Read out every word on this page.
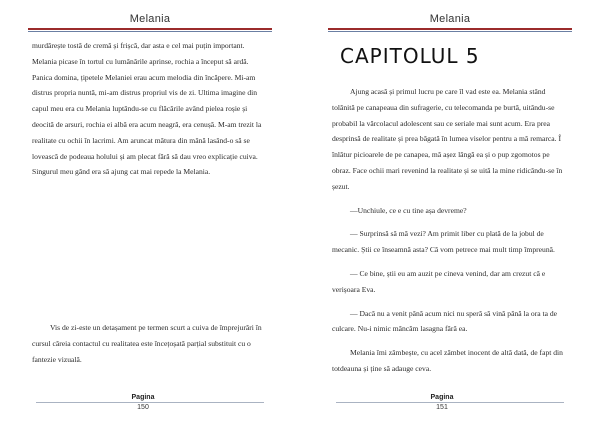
Melania

murdărește tostă de cremă și frișcă, dar asta e cel mai puțin important. Melania picase în tortul cu lumânările aprinse, rochia a început să ardă. Panica domina, țipetele Melaniei erau acum melodia din încăpere. Mi-am distrus propria nuntă, mi-am distrus propriul vis de zi. Ultima imagine din capul meu era cu Melania luptându-se cu flăcările având pielea roșie și deocită de arsuri, rochia ei albă era acum neagră, era cenușă. M-am trezit la realitate cu ochii în lacrimi. Am aruncat mătura din mână lasând-o să se lovească de podeaua holului și am plecat fără să dau vreo explicație cuiva. Singurul meu gând era să ajung cat mai repede la Melania.

Vis de zi-este un detașament pe termen scurt a cuiva de împrejurări în cursul căreia contactul cu realitatea este încețoșată parțial substituit cu o fantezie vizuală.

Pagina
150
Melania
CAPITOLUL 5

Ajung acasă și primul lucru pe care îl vad este ea. Melania stând tolănită pe canapeaua din sufragerie, cu telecomanda pe burtă, uitându-se probabil la vărcolacul adolescent sau ce seriale mai sunt acum. Era prea desprinsă de realitate și prea băgată în lumea viselor pentru a mă remarca. Î înlătur picioarele de pe canapea, mă așez lângă ea și o pup zgomotos pe obraz. Face ochii mari revenind la realitate și se uită la mine ridicându-se în șezut.

—Unchiule, ce e cu tine așa devreme?

— Surprinsă să mă vezi? Am primit liber cu plată de la jobul de mecanic. Știi ce înseamnă asta? Că vom petrece mai mult timp împreună.

— Ce bine, știi eu am auzit pe cineva venind, dar am crezut că e verișoara Eva.

— Dacă nu a venit până acum nici nu speră să vină până la ora ta de culcare. Nu-i nimic mâncăm lasagna fără ea.

Melania îmi zâmbește, cu acel zâmbet inocent de altă dată, de fapt din totdeauna și ține să adauge ceva.

Pagina
151
